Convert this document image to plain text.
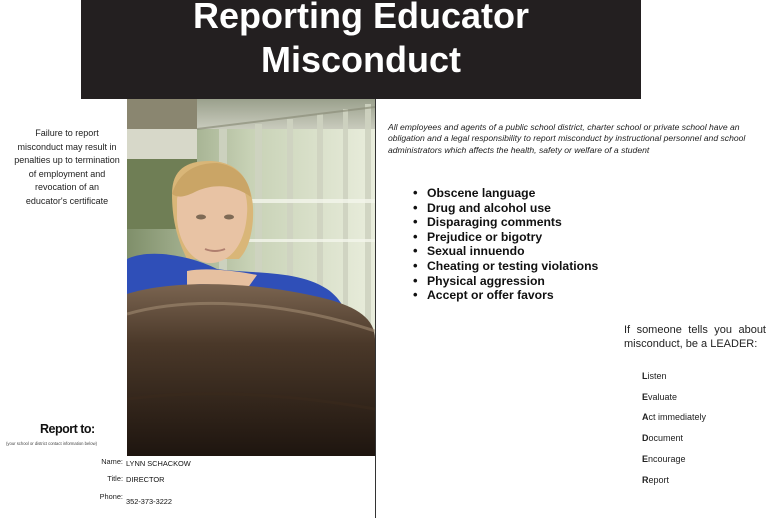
Reporting Educator
Misconduct
Failure to report misconduct may result in penalties up to termination of employment and revocation of an educator's certificate
All employees and agents of a public school district, charter school or private school have an obligation and a legal responsibility to report misconduct by instructional personnel and school administrators which affects the health, safety or welfare of a student
• Obscene language
• Drug and alcohol use
• Disparaging comments
• Prejudice or bigotry
• Sexual innuendo
• Cheating or testing violations
• Physical aggression
• Accept or offer favors
If someone tells you about misconduct, be a LEADER:
Listen
Evaluate
Act immediately
Document
Encourage
Report
Report to:
(your school or district contact information below)
Name: LYNN SCHACKOW
Title: DIRECTOR
Phone:
352-373-3222
